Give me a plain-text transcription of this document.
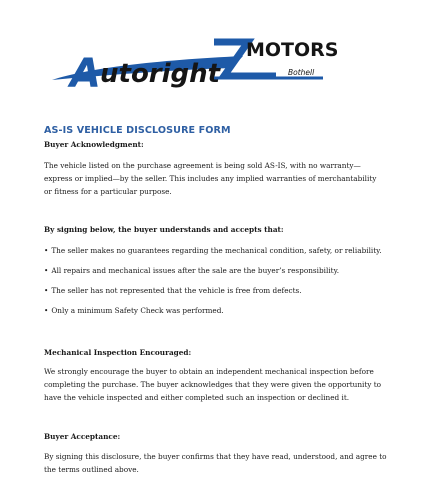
A utoright
MOTORS
Bothell
AS-IS VEHICLE DISCLOSURE FORM
Buyer Acknowledgment:
The vehicle listed on the purchase agreement is being sold AS-IS, with no warranty—
express or implied—by the seller. This includes any implied warranties of merchantability
or fitness for a particular purpose.
By signing below, the buyer understands and accepts that:
• The seller makes no guarantees regarding the mechanical condition, safety, or reliability.
• All repairs and mechanical issues after the sale are the buyer’s responsibility.
• The seller has not represented that the vehicle is free from defects.
• Only a minimum Safety Check was performed.
Mechanical Inspection Encouraged:
We strongly encourage the buyer to obtain an independent mechanical inspection before
completing the purchase. The buyer acknowledges that they were given the opportunity to
have the vehicle inspected and either completed such an inspection or declined it.
Buyer Acceptance:
By signing this disclosure, the buyer confirms that they have read, understood, and agree to
the terms outlined above.
